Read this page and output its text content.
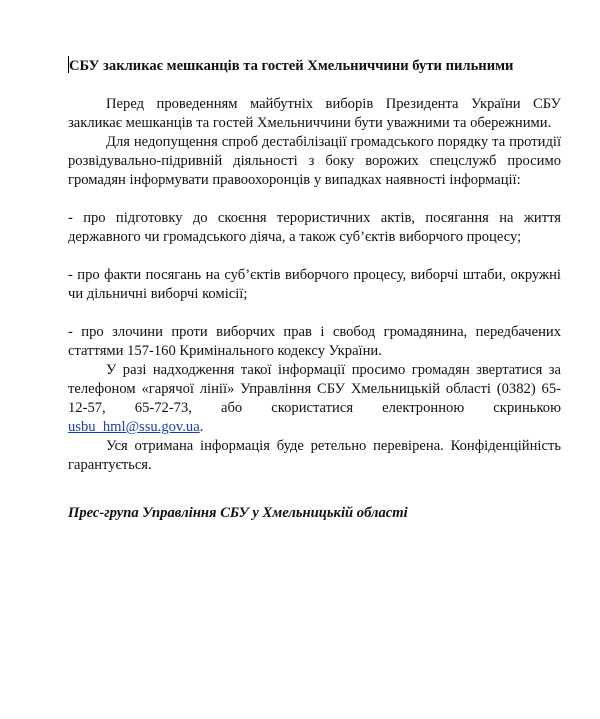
СБУ закликає мешканців та гостей Хмельниччини бути пильними

Перед проведенням майбутніх виборів Президента України СБУ закликає мешканців та гостей Хмельниччини бути уважними та обережними.

Для недопущення спроб дестабілізації громадського порядку та протидії розвідувально-підривній діяльності з боку ворожих спецслужб просимо громадян інформувати правоохоронців у випадках наявності інформації:

- про підготовку до скоєння терористичних актів, посягання на життя державного чи громадського діяча, а також суб’єктів виборчого процесу;

- про факти посягань на суб’єктів виборчого процесу, виборчі штаби, окружні чи дільничні виборчі комісії;

- про злочини проти виборчих прав і свобод громадянина, передбачених статтями 157-160 Кримінального кодексу України.

У разі надходження такої інформації просимо громадян звертатися за телефоном «гарячої лінії» Управління СБУ Хмельницькій області (0382) 65-12-57, 65-72-73, або скористатися електронною скринькою usbu_hml@ssu.gov.ua.

Уся отримана інформація буде ретельно перевірена. Конфіденційність гарантується.

Прес-група Управління СБУ у Хмельницькій області
